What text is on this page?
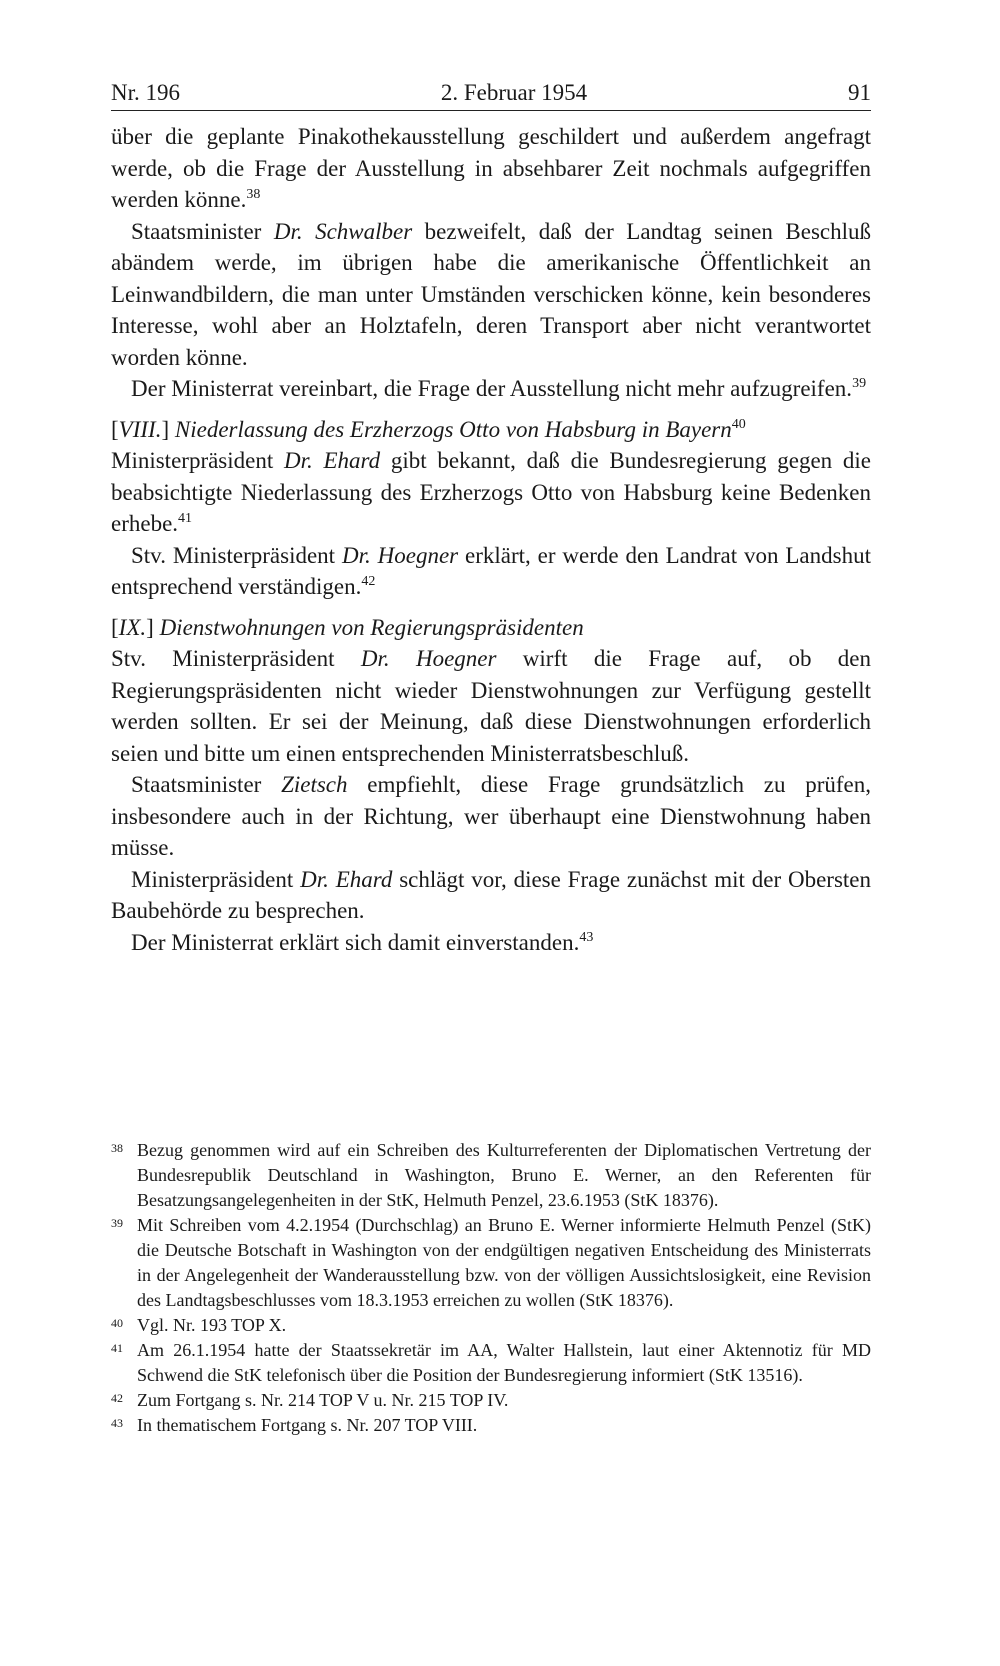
Nr. 196	2. Februar 1954	91

über die geplante Pinakothekausstellung geschildert und außerdem angefragt werde, ob die Frage der Ausstellung in absehbarer Zeit nochmals aufgegriffen werden könne.$^{38}$

Staatsminister Dr. Schwalber bezweifelt, daß der Landtag seinen Beschluß abändem werde, im übrigen habe die amerikanische Öffentlichkeit an Leinwandbildern, die man unter Umständen verschicken könne, kein besonderes Interesse, wohl aber an Holztafeln, deren Transport aber nicht verantwortet worden könne.

Der Ministerrat vereinbart, die Frage der Ausstellung nicht mehr aufzugreifen.$^{39}$

[VIII.] Niederlassung des Erzherzogs Otto von Habsburg in Bayern$^{40}$

Ministerpräsident Dr. Ehard gibt bekannt, daß die Bundesregierung gegen die beabsichtigte Niederlassung des Erzherzogs Otto von Habsburg keine Bedenken erhebe.$^{41}$

Stv. Ministerpräsident Dr. Hoegner erklärt, er werde den Landrat von Landshut entsprechend verständigen.$^{42}$

[IX.] Dienstwohnungen von Regierungspräsidenten

Stv. Ministerpräsident Dr. Hoegner wirft die Frage auf, ob den Regierungspräsidenten nicht wieder Dienstwohnungen zur Verfügung gestellt werden sollten. Er sei der Meinung, daß diese Dienstwohnungen erforderlich seien und bitte um einen entsprechenden Ministerratsbeschluß.

Staatsminister Zietsch empfiehlt, diese Frage grundsätzlich zu prüfen, insbesondere auch in der Richtung, wer überhaupt eine Dienstwohnung haben müsse.

Ministerpräsident Dr. Ehard schlägt vor, diese Frage zunächst mit der Obersten Baubehörde zu besprechen.

Der Ministerrat erklärt sich damit einverstanden.$^{43}$

38 Bezug genommen wird auf ein Schreiben des Kulturreferenten der Diplomatischen Vertretung der Bundesrepublik Deutschland in Washington, Bruno E. Werner, an den Referenten für Besatzungsangelegenheiten in der StK, Helmuth Penzel, 23.6.1953 (StK 18376).
39 Mit Schreiben vom 4.2.1954 (Durchschlag) an Bruno E. Werner informierte Helmuth Penzel (StK) die Deutsche Botschaft in Washington von der endgültigen negativen Entscheidung des Ministerrats in der Angelegenheit der Wanderausstellung bzw. von der völligen Aussichtslosigkeit, eine Revision des Landtagsbeschlusses vom 18.3.1953 erreichen zu wollen (StK 18376).
40 Vgl. Nr. 193 TOP X.
41 Am 26.1.1954 hatte der Staatssekretär im AA, Walter Hallstein, laut einer Aktennotiz für MD Schwend die StK telefonisch über die Position der Bundesregierung informiert (StK 13516).
42 Zum Fortgang s. Nr. 214 TOP V u. Nr. 215 TOP IV.
43 In thematischem Fortgang s. Nr. 207 TOP VIII.
